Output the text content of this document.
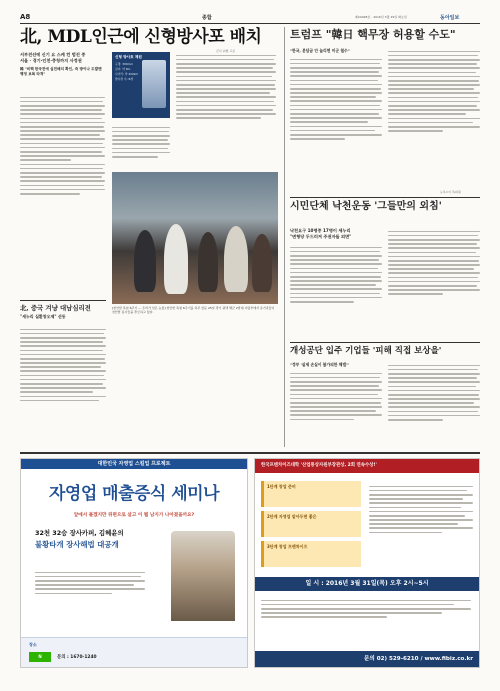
A8	종합	제24928호 · 2016년 3월 29일 화요일	동아일보
北, MDL인근에 신형방사포 배치
군사 위협 고조
서부전선에 신기 요 스케 컨 범진 중
서울 · 경기·인천·충청까지 사정권
韓 "비핵 한국전에 실전배치 확인, 즉 방이나 도발땐 행정 보복 타격"
신형 방사포 제원
구경: 300mm
길이: 약 8m
사거리: 약 200km
발사관 수: 8개
[천안함 폭침 6주기 — 우리가 잊은 눈물] 천안함 폭침 6주기를 하루 앞둔 25일 경기 평택 해군 2함대 사령부에서 유가족들이 천안함 용사들을 추모하고 있다.
北, 중국 겨냥 대남심리전
"세누리 실환창오제" 선동
트럼프 "韓日 핵무장 허용할 수도"
"한국, 분담금 안 늘리면 미군 철수"
뉴욕=이 특파원
시민단체 낙천운동 '그들만의 외침'
낙천요구 10명중 17명이 세누리
"변형당 두드러져 주권자들 외면"
개성공단 입주 기업들 '피해 직접 보상을'
"정부 '실제 손실이 불가피한 해법'"
대한민국 자영업 스킬업 프로젝트
자영업 매출증식 세미나
앞에서 볼겠지만 뒤편으로 살고 이 뭘 남지가 나아졌을까요?
32천 32승 장사카퍼, 김혜윤의
불황타개 장사해법 대공개
장소
N	문의 : 1670-1240
한국프랜차이즈대학 '산업통상자원부장관상, 2회 연속수상!'
1단계 창업 준비
2단계 자영업 알아두면 좋은
3단계 창업 프랜차이즈
일 시 : 2016년 3월 31일(목) 오후 2시~5시
문의 02) 529-6210 / www.fibiz.co.kr
